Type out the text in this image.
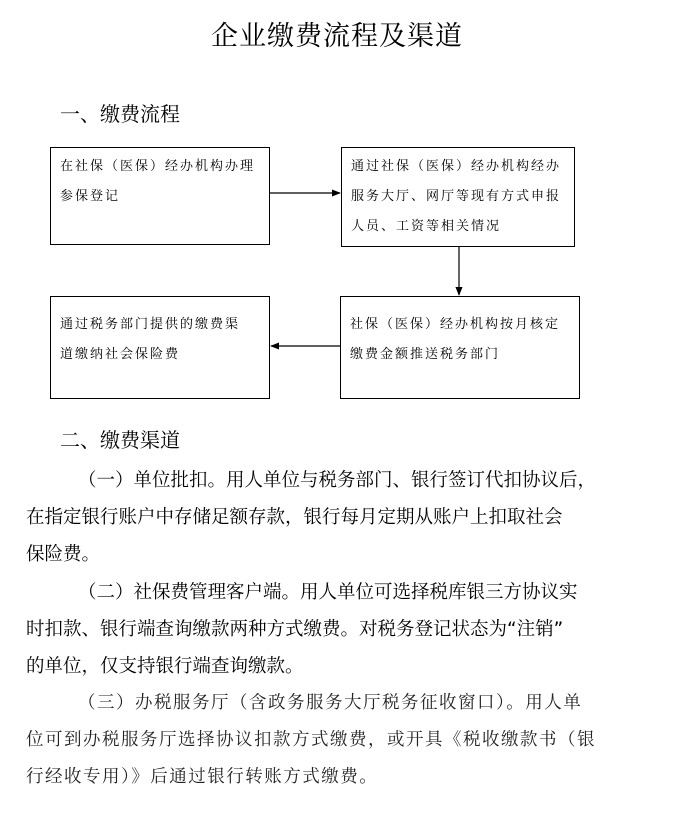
企业缴费流程及渠道
一、缴费流程
在社保（医保）经办机构办理
参保登记
通过社保（医保）经办机构经办
服务大厅、网厅等现有方式申报
人员、工资等相关情况
社保（医保）经办机构按月核定
缴费金额推送税务部门
通过税务部门提供的缴费渠
道缴纳社会保险费
二、缴费渠道
（一）单位批扣。用人单位与税务部门、银行签订代扣协议后，
在指定银行账户中存储足额存款，银行每月定期从账户上扣取社会
保险费。
（二）社保费管理客户端。用人单位可选择税库银三方协议实
时扣款、银行端查询缴款两种方式缴费。对税务登记状态为“注销”
的单位，仅支持银行端查询缴款。
（三）办税服务厅（含政务服务大厅税务征收窗口）。用人单
位可到办税服务厅选择协议扣款方式缴费，或开具《税收缴款书（银
行经收专用）》后通过银行转账方式缴费。
